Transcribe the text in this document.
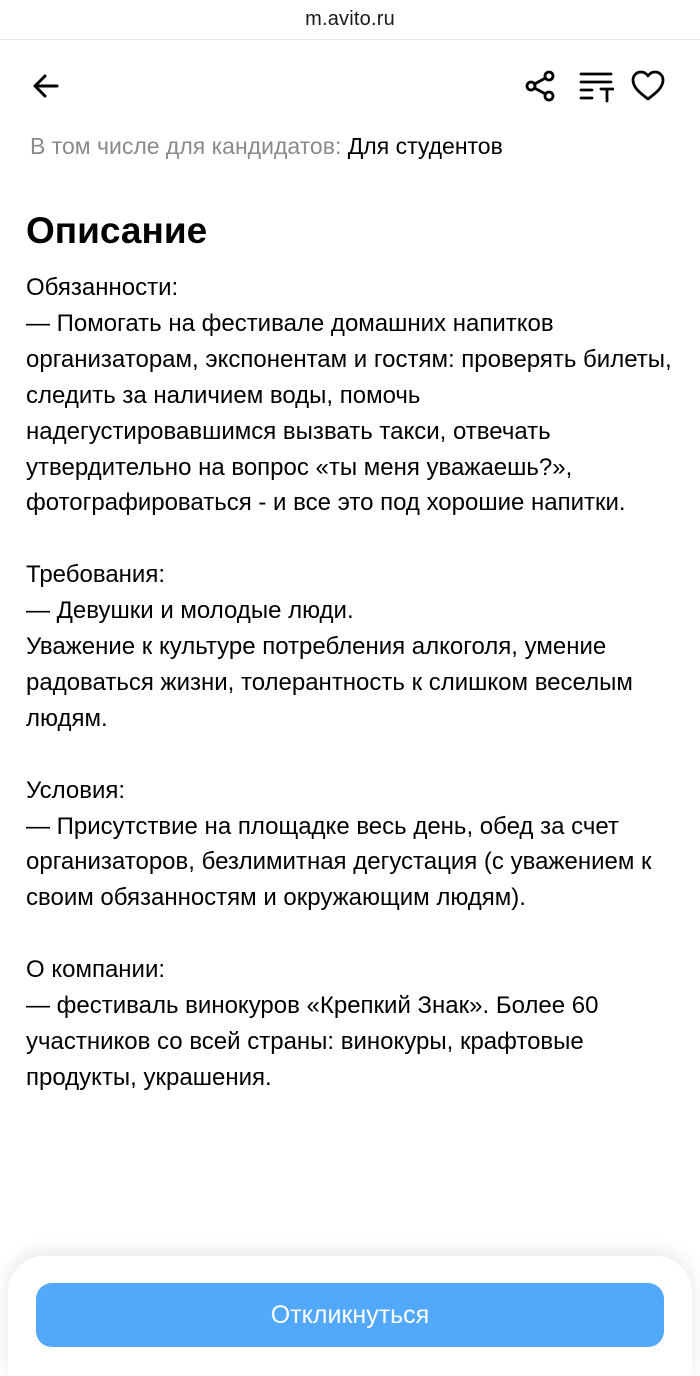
m.avito.ru
В том числе для кандидатов: Для студентов
Описание

Обязанности:

— Помогать на фестивале домашних напитков организаторам, экспонентам и гостям: проверять билеты, следить за наличием воды, помочь надегустировавшимся вызвать такси, отвечать утвердительно на вопрос «ты меня уважаешь?», фотографироваться - и все это под хорошие напитки.

Требования:

— Девушки и молодые люди.

Уважение к культуре потребления алкоголя, умение радоваться жизни, толерантность к слишком веселым людям.

Условия:

— Присутствие на площадке весь день, обед за счет организаторов, безлимитная дегустация (с уважением к своим обязанностям и окружающим людям).

О компании:

— фестиваль винокуров «Крепкий Знак». Более 60 участников со всей страны: винокуры, крафтовые продукты, украшения.

Откликнуться
